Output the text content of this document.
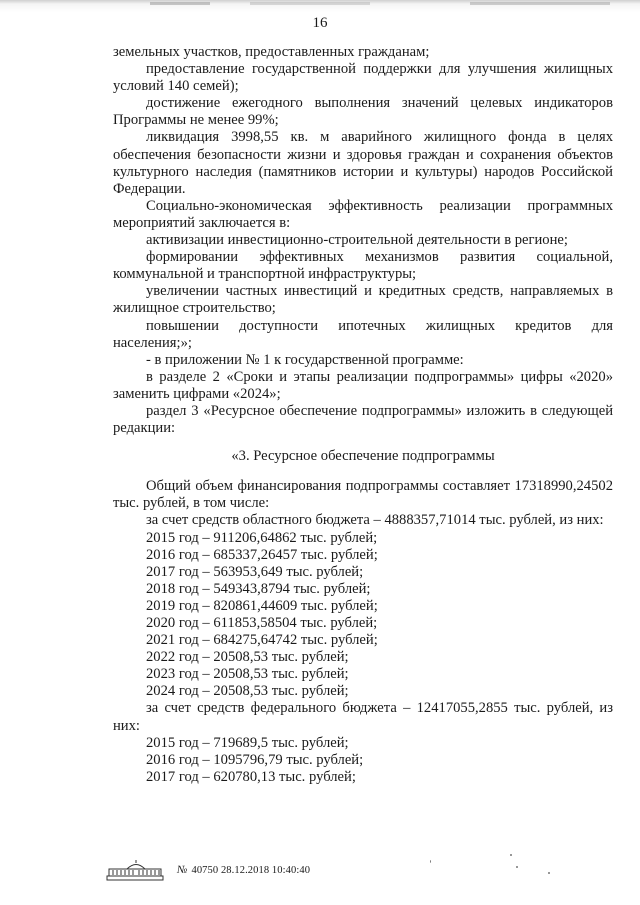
16

земельных участков, предоставленных гражданам;

предоставление государственной поддержки для улучшения жилищных условий 140 семей);

достижение ежегодного выполнения значений целевых индикаторов Программы не менее 99%;

ликвидация 3998,55 кв. м аварийного жилищного фонда в целях обеспечения безопасности жизни и здоровья граждан и сохранения объектов культурного наследия (памятников истории и культуры) народов Российской Федерации.

Социально-экономическая эффективность реализации программных мероприятий заключается в:

активизации инвестиционно-строительной деятельности в регионе;

формировании эффективных механизмов развития социальной, коммунальной и транспортной инфраструктуры;

увеличении частных инвестиций и кредитных средств, направляемых в жилищное строительство;

повышении доступности ипотечных жилищных кредитов для населения;»;

- в приложении № 1 к государственной программе:

в разделе 2 «Сроки и этапы реализации подпрограммы» цифры «2020» заменить цифрами «2024»;

раздел 3 «Ресурсное обеспечение подпрограммы» изложить в следующей редакции:

«3. Ресурсное обеспечение подпрограммы

Общий объем финансирования подпрограммы составляет 17318990,24502 тыс. рублей, в том числе:

за счет средств областного бюджета – 4888357,71014 тыс. рублей, из них:

2015 год – 911206,64862 тыс. рублей;

2016 год – 685337,26457 тыс. рублей;

2017 год – 563953,649 тыс. рублей;

2018 год – 549343,8794 тыс. рублей;

2019 год – 820861,44609 тыс. рублей;

2020 год – 611853,58504 тыс. рублей;

2021 год – 684275,64742 тыс. рублей;

2022 год – 20508,53 тыс. рублей;

2023 год – 20508,53 тыс. рублей;

2024 год – 20508,53 тыс. рублей;

за счет средств федерального бюджета – 12417055,2855 тыс. рублей, из них:

2015 год – 719689,5 тыс. рублей;

2016 год – 1095796,79 тыс. рублей;

2017 год – 620780,13 тыс. рублей;

№ 40750 28.12.2018 10:40:40
